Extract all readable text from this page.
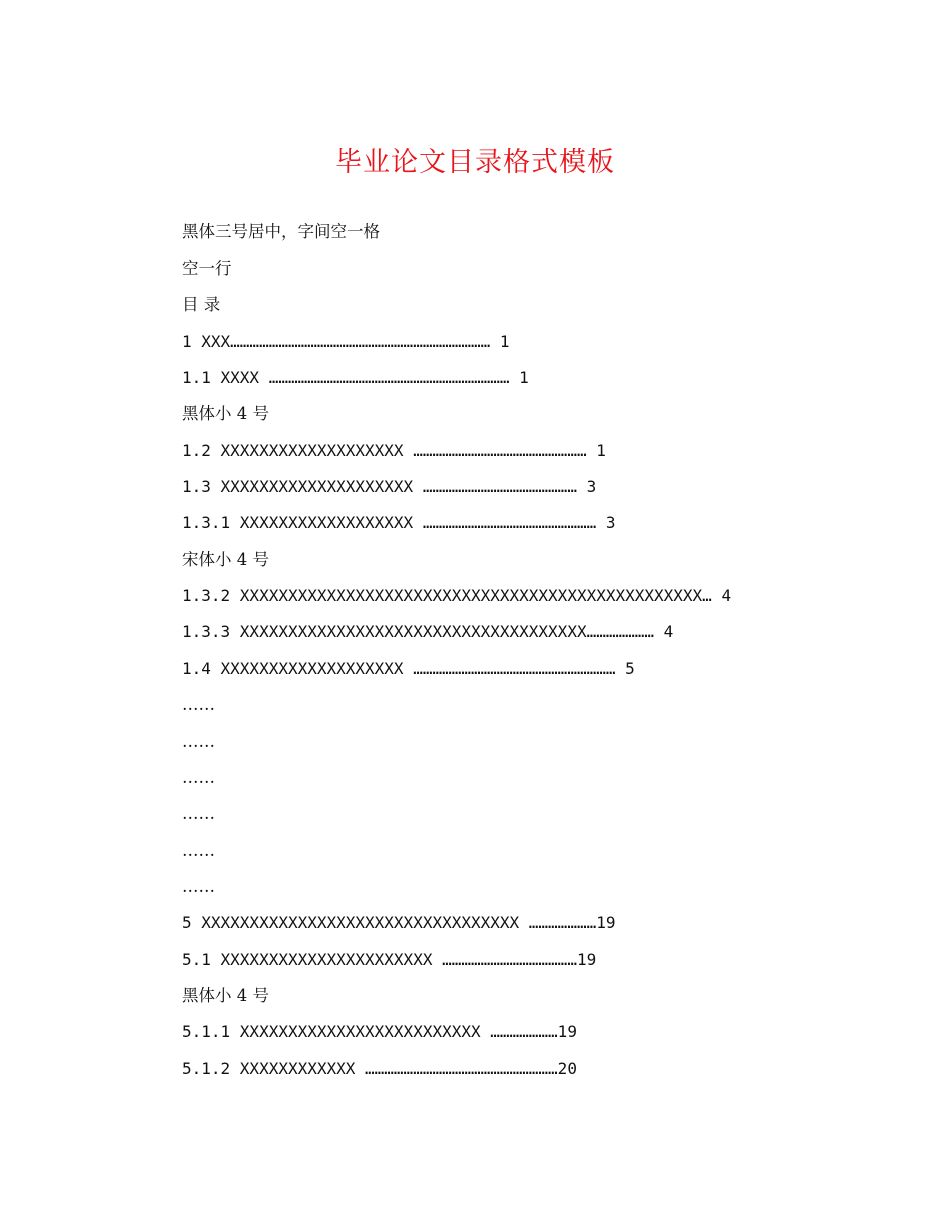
毕业论文目录格式模板
黑体三号居中，字间空一格
空一行
目 录
1 XXX……………………………………………………………………… 1
1.1 XXXX ………………………………………………………………… 1
黑体小 4 号
1.2 XXXXXXXXXXXXXXXXXXX ……………………………………………… 1
1.3 XXXXXXXXXXXXXXXXXXXX ………………………………………… 3
1.3.1 XXXXXXXXXXXXXXXXXX ……………………………………………… 3
宋体小 4 号
1.3.2 XXXXXXXXXXXXXXXXXXXXXXXXXXXXXXXXXXXXXXXXXXXXXXXX… 4
1.3.3 XXXXXXXXXXXXXXXXXXXXXXXXXXXXXXXXXXXX………………… 4
1.4 XXXXXXXXXXXXXXXXXXX ……………………………………………………… 5
……
……
……
……
……
……
5 XXXXXXXXXXXXXXXXXXXXXXXXXXXXXXXXX …………………19
5.1 XXXXXXXXXXXXXXXXXXXXXX ……………………………………19
黑体小 4 号
5.1.1 XXXXXXXXXXXXXXXXXXXXXXXXX …………………19
5.1.2 XXXXXXXXXXXX ……………………………………………………20
